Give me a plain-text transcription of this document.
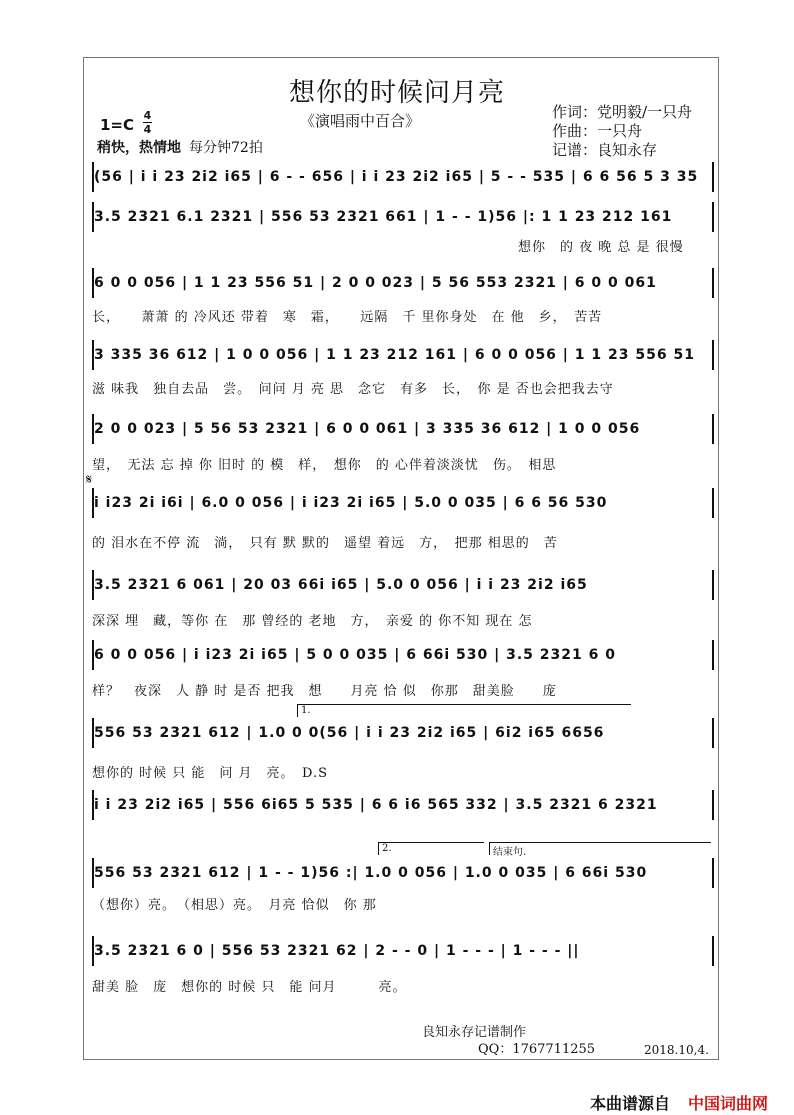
想你的时候问月亮
《演唱雨中百合》	作词：党明毅/一只舟
作曲：一只舟
记谱：良知永存
1=C
4
4
稍快，热情地 每分钟72拍
𝄋
1.
2.	结束句.
(56 | i i 23 2i2 i65 | 6 - - 656 | i i 23 2i2 i65 | 5 - - 535 | 6 6 56 5 3 35
3.5 2321 6.1 2321 | 556 53 2321 661 | 1 - - 1)56 |: 1 1 23 212 161
想你　的 夜 晚 总 是 很慢
6 0 0 056 | 1 1 23 556 51 | 2 0 0 023 | 5 56 553 2321 | 6 0 0 061
长，　　萧萧 的 冷风还 带着　寒　霜，　　远隔　千 里你身处　在 他　乡，　苦苦
3 335 36 612 | 1 0 0 056 | 1 1 23 212 161 | 6 0 0 056 | 1 1 23 556 51
滋 味我　独自去品　尝。　问问 月 亮 思　念它　有多　长，　你 是 否也会把我去守
2 0 0 023 | 5 56 53 2321 | 6 0 0 061 | 3 335 36 612 | 1 0 0 056
望，　无法 忘 掉 你 旧时 的 模　样，　想你　的 心伴着淡淡忧　伤。　相思
i i23 2i i6i | 6.0 0 056 | i i23 2i i65 | 5.0 0 035 | 6 6 56 530
的 泪水在不停 流　淌，　只有 默 默的　遥望 着远　方，　把那 相思的　苦
3.5 2321 6 061 | 20 03 66i i65 | 5.0 0 056 | i i 23 2i2 i65
深深 埋　藏，等你 在　那 曾经的 老地　方，　亲爱 的 你不知 现在 怎
6 0 0 056 | i i23 2i i65 | 5 0 0 035 | 6 66i 530 | 3.5 2321 6 0
样？　夜深　人 静 时 是否 把我　想　　月亮 恰 似　你那　甜美脸　　庞
556 53 2321 612 | 1.0 0 0(56 | i i 23 2i2 i65 | 6i2 i65 6656
想你的 时候 只 能　问 月　亮。　D.S
i i 23 2i2 i65 | 556 6i65 5 535 | 6 6 i6 565 332 | 3.5 2321 6 2321
556 53 2321 612 | 1 - - 1)56 :| 1.0 0 056 | 1.0 0 035 | 6 66i 530
（想你）亮。　（相思）亮。　月亮 恰似　你 那
3.5 2321 6 0 | 556 53 2321 62 | 2 - - 0 | 1 - - - | 1 - - - ||
甜美 脸　庞　想你的 时候 只　能 问月　　　亮。
良知永存记谱制作
QQ：1767711255	2018.10,4.
本曲谱源自 中国词曲网
